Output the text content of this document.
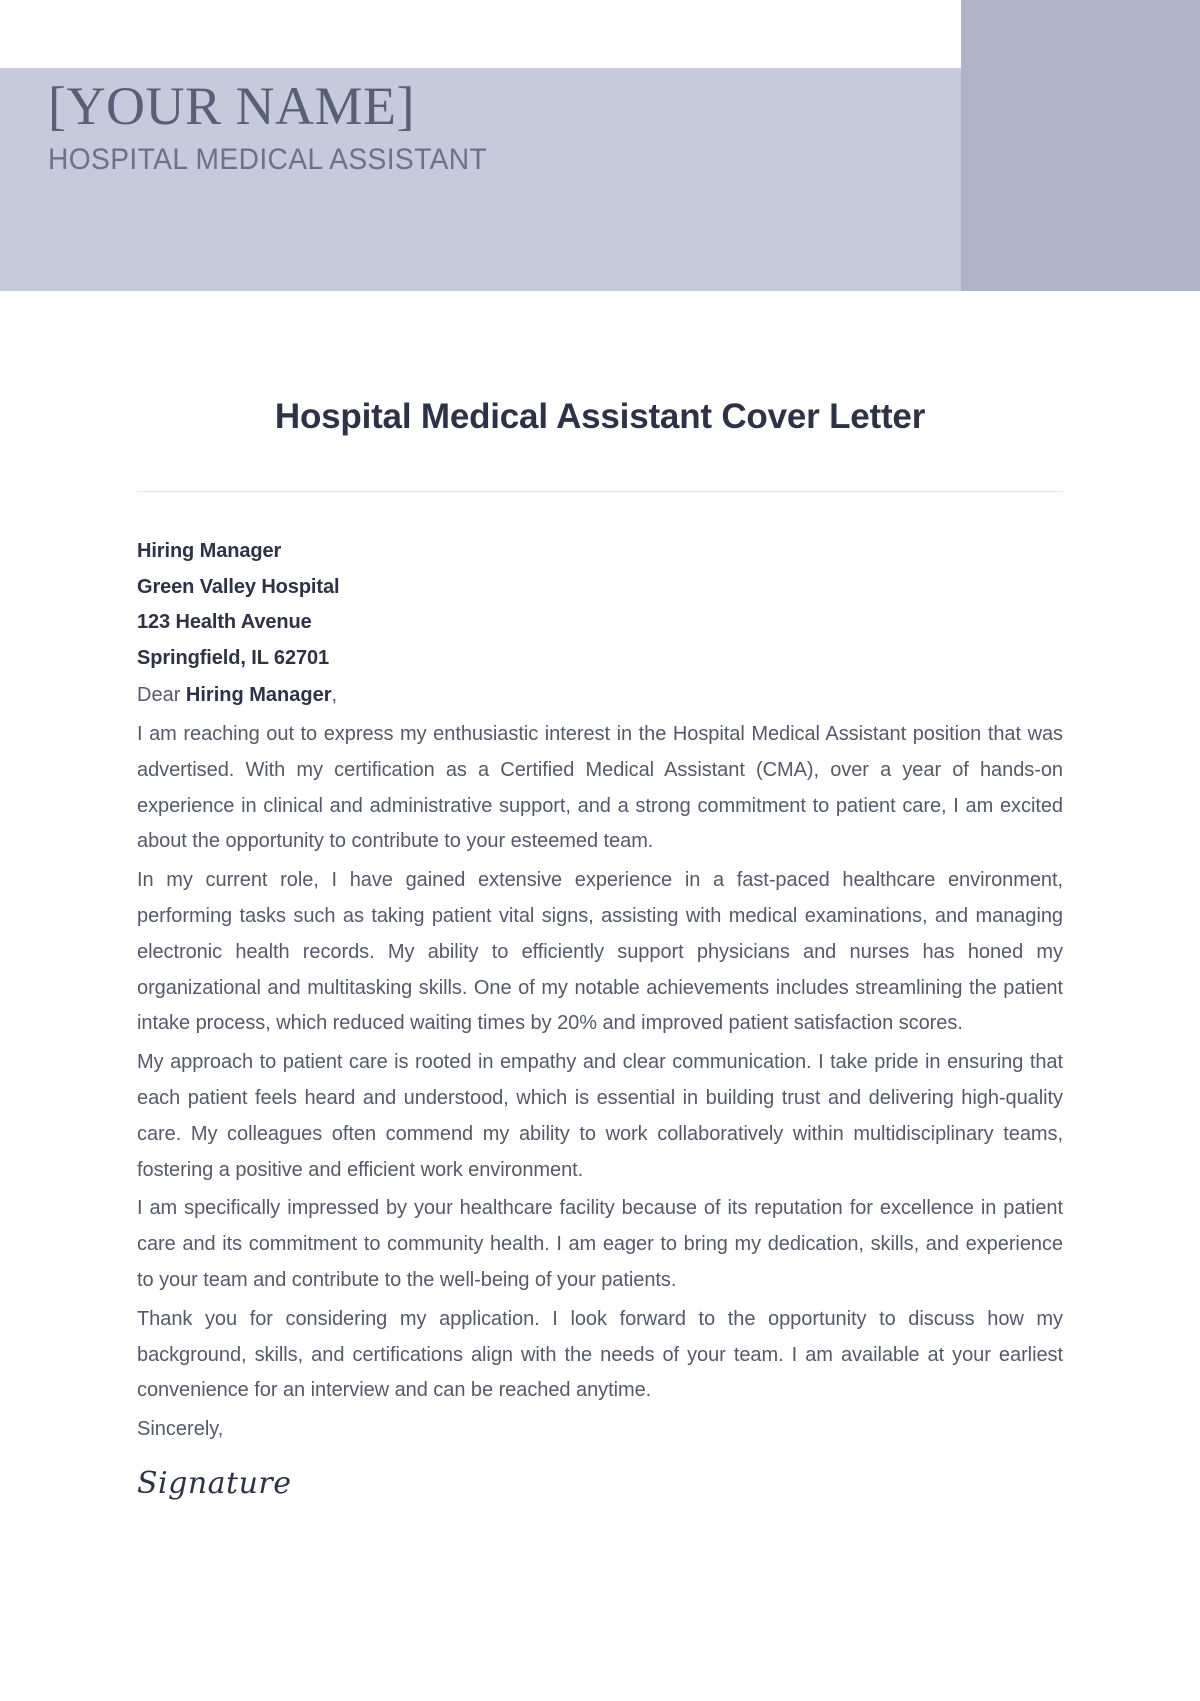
[YOUR NAME]
HOSPITAL MEDICAL ASSISTANT
Hospital Medical Assistant Cover Letter
Hiring Manager
Green Valley Hospital
123 Health Avenue
Springfield, IL 62701
Dear Hiring Manager,

I am reaching out to express my enthusiastic interest in the Hospital Medical Assistant position that was advertised. With my certification as a Certified Medical Assistant (CMA), over a year of hands-on experience in clinical and administrative support, and a strong commitment to patient care, I am excited about the opportunity to contribute to your esteemed team.

In my current role, I have gained extensive experience in a fast-paced healthcare environment, performing tasks such as taking patient vital signs, assisting with medical examinations, and managing electronic health records. My ability to efficiently support physicians and nurses has honed my organizational and multitasking skills. One of my notable achievements includes streamlining the patient intake process, which reduced waiting times by 20% and improved patient satisfaction scores.

My approach to patient care is rooted in empathy and clear communication. I take pride in ensuring that each patient feels heard and understood, which is essential in building trust and delivering high-quality care. My colleagues often commend my ability to work collaboratively within multidisciplinary teams, fostering a positive and efficient work environment.

I am specifically impressed by your healthcare facility because of its reputation for excellence in patient care and its commitment to community health. I am eager to bring my dedication, skills, and experience to your team and contribute to the well-being of your patients.

Thank you for considering my application. I look forward to the opportunity to discuss how my background, skills, and certifications align with the needs of your team. I am available at your earliest convenience for an interview and can be reached anytime.

Sincerely,
Signature
